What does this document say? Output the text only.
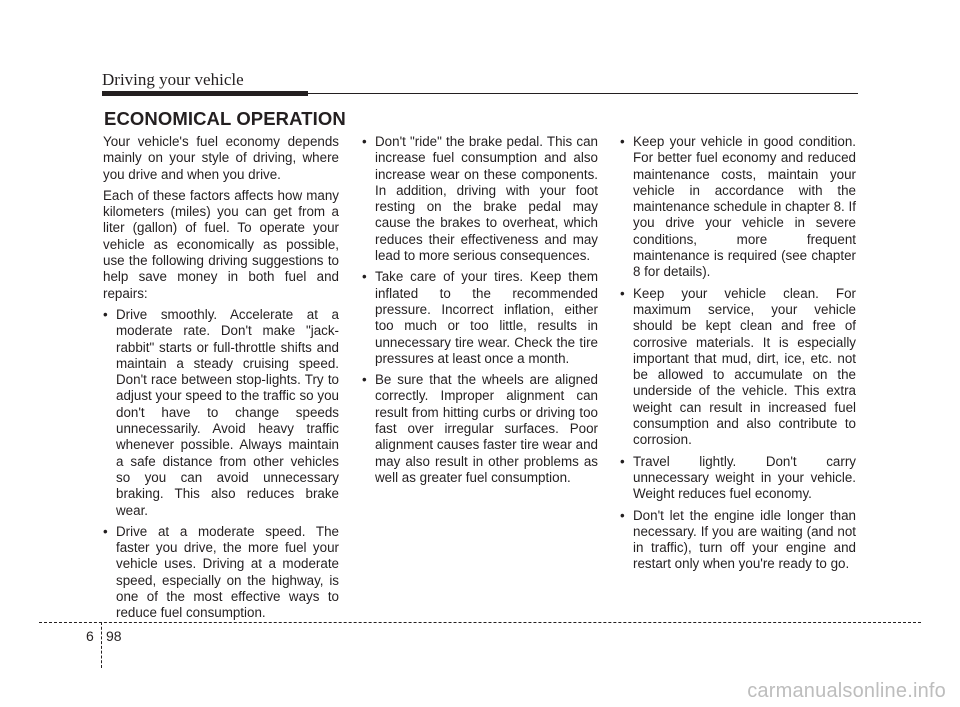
Driving your vehicle
ECONOMICAL OPERATION

Your vehicle's fuel economy depends mainly on your style of driving, where you drive and when you drive.

Each of these factors affects how many kilometers (miles) you can get from a liter (gallon) of fuel. To operate your vehicle as economically as possible, use the following driving suggestions to help save money in both fuel and repairs:

• Drive smoothly. Accelerate at a moderate rate. Don't make "jack-rabbit" starts or full-throttle shifts and maintain a steady cruising speed. Don't race between stop-lights. Try to adjust your speed to the traffic so you don't have to change speeds unnecessarily. Avoid heavy traffic whenever possible. Always maintain a safe distance from other vehicles so you can avoid unnecessary braking. This also reduces brake wear.
• Drive at a moderate speed. The faster you drive, the more fuel your vehicle uses. Driving at a moderate speed, especially on the highway, is one of the most effective ways to reduce fuel consumption.
• Don't "ride" the brake pedal. This can increase fuel consumption and also increase wear on these components. In addition, driving with your foot resting on the brake pedal may cause the brakes to overheat, which reduces their effectiveness and may lead to more serious consequences.
• Take care of your tires. Keep them inflated to the recommended pressure. Incorrect inflation, either too much or too little, results in unnecessary tire wear. Check the tire pressures at least once a month.
• Be sure that the wheels are aligned correctly. Improper alignment can result from hitting curbs or driving too fast over irregular surfaces. Poor alignment causes faster tire wear and may also result in other problems as well as greater fuel consumption.
• Keep your vehicle in good condition. For better fuel economy and reduced maintenance costs, maintain your vehicle in accordance with the maintenance schedule in chapter 8. If you drive your vehicle in severe conditions, more frequent maintenance is required (see chapter 8 for details).
• Keep your vehicle clean. For maximum service, your vehicle should be kept clean and free of corrosive materials. It is especially important that mud, dirt, ice, etc. not be allowed to accumulate on the underside of the vehicle. This extra weight can result in increased fuel consumption and also contribute to corrosion.
• Travel lightly. Don't carry unnecessary weight in your vehicle. Weight reduces fuel economy.
• Don't let the engine idle longer than necessary. If you are waiting (and not in traffic), turn off your engine and restart only when you're ready to go.
6 98
carmanualsonline.info
